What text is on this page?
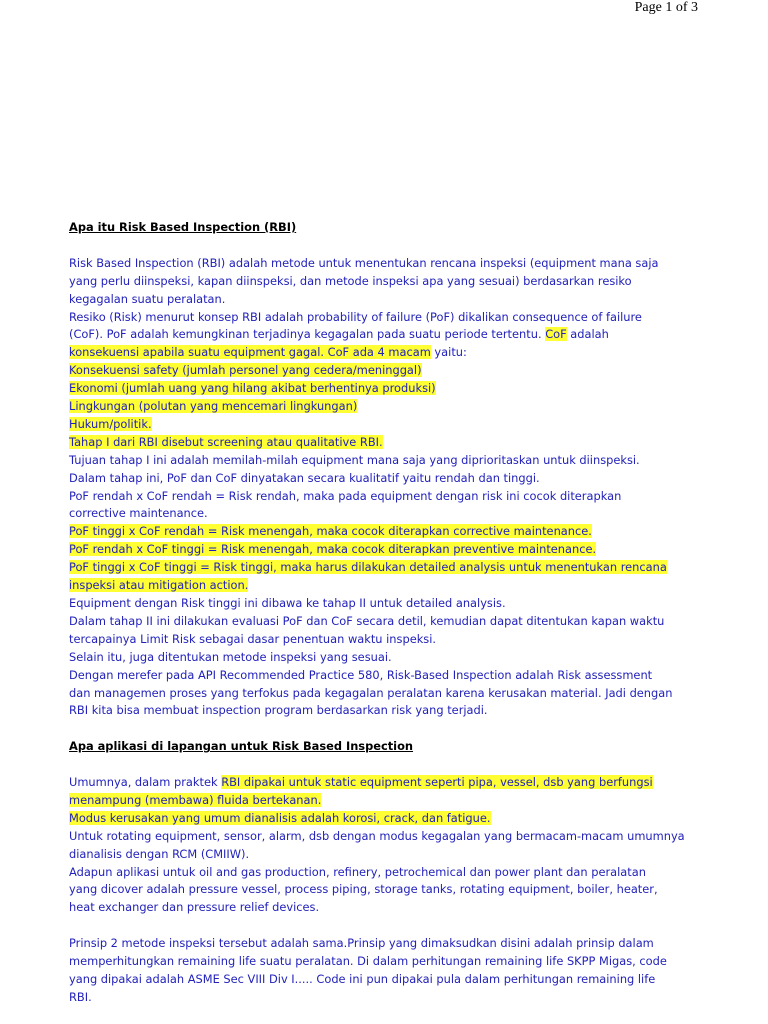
Page 1 of 3
Apa itu Risk Based Inspection (RBI)
Risk Based Inspection (RBI) adalah metode untuk menentukan rencana inspeksi (equipment mana saja
yang perlu diinspeksi, kapan diinspeksi, dan metode inspeksi apa yang sesuai) berdasarkan resiko
kegagalan suatu peralatan.
Resiko (Risk) menurut konsep RBI adalah probability of failure (PoF) dikalikan consequence of failure
(CoF). PoF adalah kemungkinan terjadinya kegagalan pada suatu periode tertentu. CoF adalah
konsekuensi apabila suatu equipment gagal. CoF ada 4 macam yaitu:
Konsekuensi safety (jumlah personel yang cedera/meninggal)
Ekonomi (jumlah uang yang hilang akibat berhentinya produksi)
Lingkungan (polutan yang mencemari lingkungan)
Hukum/politik.
Tahap I dari RBI disebut screening atau qualitative RBI.
Tujuan tahap I ini adalah memilah-milah equipment mana saja yang diprioritaskan untuk diinspeksi.
Dalam tahap ini, PoF dan CoF dinyatakan secara kualitatif yaitu rendah dan tinggi.
PoF rendah x CoF rendah = Risk rendah, maka pada equipment dengan risk ini cocok diterapkan
corrective maintenance.
PoF tinggi x CoF rendah = Risk menengah, maka cocok diterapkan corrective maintenance.
PoF rendah x CoF tinggi = Risk menengah, maka cocok diterapkan preventive maintenance.
PoF tinggi x CoF tinggi = Risk tinggi, maka harus dilakukan detailed analysis untuk menentukan rencana
inspeksi atau mitigation action.
Equipment dengan Risk tinggi ini dibawa ke tahap II untuk detailed analysis.
Dalam tahap II ini dilakukan evaluasi PoF dan CoF secara detil, kemudian dapat ditentukan kapan waktu
tercapainya Limit Risk sebagai dasar penentuan waktu inspeksi.
Selain itu, juga ditentukan metode inspeksi yang sesuai.
Dengan merefer pada API Recommended Practice 580, Risk-Based Inspection adalah Risk assessment
dan managemen proses yang terfokus pada kegagalan peralatan karena kerusakan material. Jadi dengan
RBI kita bisa membuat inspection program berdasarkan risk yang terjadi.
Apa aplikasi di lapangan untuk Risk Based Inspection
Umumnya, dalam praktek RBI dipakai untuk static equipment seperti pipa, vessel, dsb yang berfungsi
menampung (membawa) fluida bertekanan.
Modus kerusakan yang umum dianalisis adalah korosi, crack, dan fatigue.
Untuk rotating equipment, sensor, alarm, dsb dengan modus kegagalan yang bermacam-macam umumnya
dianalisis dengan RCM (CMIIW).
Adapun aplikasi untuk oil and gas production, refinery, petrochemical dan power plant dan peralatan
yang dicover adalah pressure vessel, process piping, storage tanks, rotating equipment, boiler, heater,
heat exchanger dan pressure relief devices.
Prinsip 2 metode inspeksi tersebut adalah sama.Prinsip yang dimaksudkan disini adalah prinsip dalam
memperhitungkan remaining life suatu peralatan. Di dalam perhitungan remaining life SKPP Migas, code
yang dipakai adalah ASME Sec VIII Div I..... Code ini pun dipakai pula dalam perhitungan remaining life
RBI.
